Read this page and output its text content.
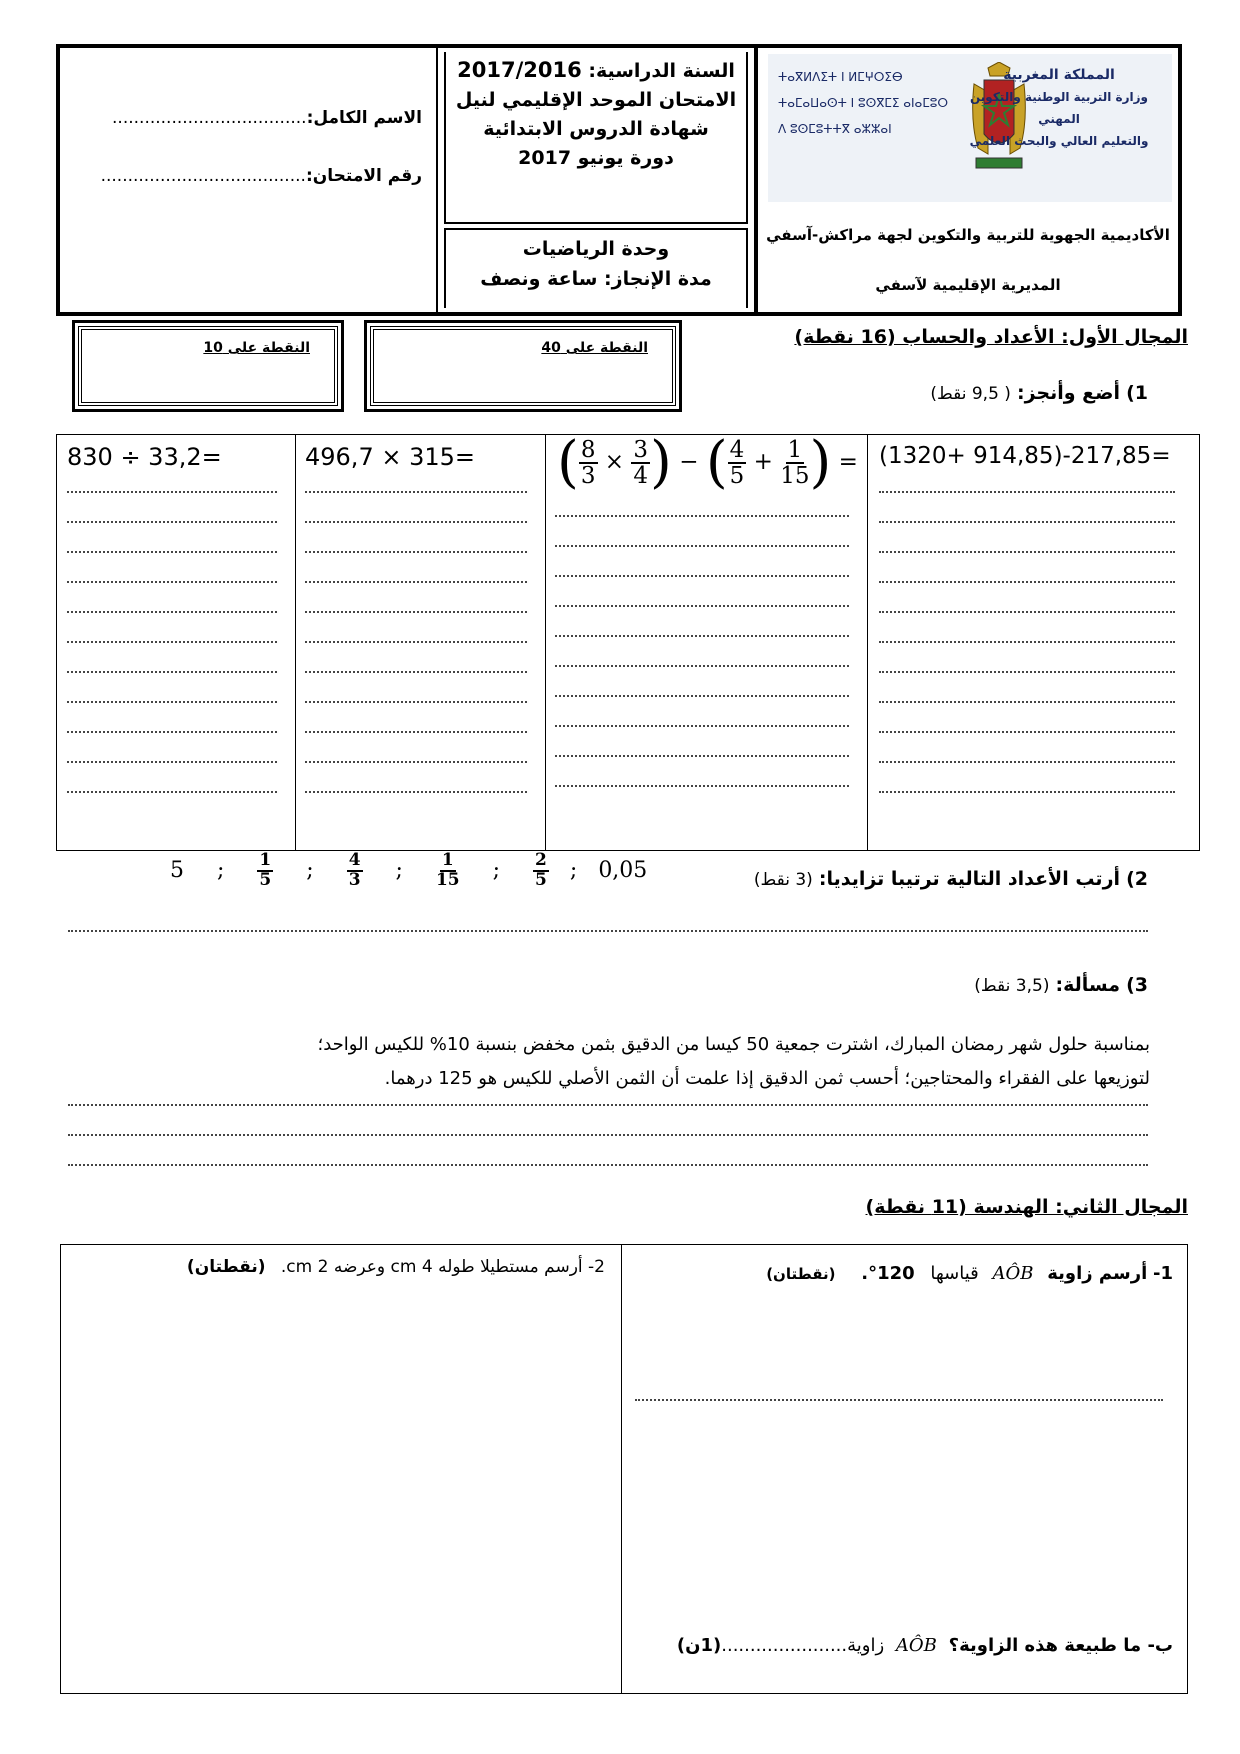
الاسم الكامل:....................................
رقم الامتحان:......................................
السنة الدراسية: 2017/2016
الامتحان الموحد الإقليمي لنيل
شهادة الدروس الابتدائية
دورة يونيو 2017
وحدة الرياضيات
مدة الإنجاز: ساعة ونصف
ⵜⴰⴳⵍⴷⵉⵜ ⵏ ⵍⵎⵖⵔⵉⴱ
ⵜⴰⵎⴰⵡⴰⵙⵜ ⵏ ⵓⵙⴳⵎⵉ ⴰⵏⴰⵎⵓⵔ
ⴷ ⵓⵙⵎⵓⵜⵜⴳ ⴰⵣⵣⴰⵏ
المملكة المغربية
وزارة التربية الوطنية والتكوين المهني
والتعليم العالي والبحث العلمي
الأكاديمية الجهوية للتربية والتكوين لجهة مراكش-آسفي
المديرية الإقليمية لآسفي
النقطة على 10	النقطة على 40	المجال الأول: الأعداد والحساب (16 نقطة)
1) أضع وأنجز: ( 9,5 نقط)
830 ÷ 33,2=	496,7 × 315= ( $\frac{8}{3} \times \frac{3}{4}$ ) − ( $\frac{4}{5} + \frac{1}{15}$ ) = (1320+ 914,85)-217,85=
2) أرتب الأعداد التالية ترتيبا تزايديا: (3 نقط)
5 ; $\frac{1}{5}$ ; $\frac{4}{3}$ ; $\frac{1}{15}$ ; $\frac{2}{5}$ ; 0,05
3) مسألة: (3,5 نقط)
بمناسبة حلول شهر رمضان المبارك، اشترت جمعية 50 كيسا من الدقيق بثمن مخفض بنسبة 10% للكيس الواحد؛
لتوزيعها على الفقراء والمحتاجين؛ أحسب ثمن الدقيق إذا علمت أن الثمن الأصلي للكيس هو 125 درهما.
المجال الثاني: الهندسة (11 نقطة)
2- أرسم مستطيلا طوله 4 cm وعرضه 2 cm. (نقطتان)	1- أرسم زاوية AÔB قياسها 120°. (نقطتان)
ب- ما طبيعة هذه الزاوية؟ AÔB زاوية......................(1ن)
